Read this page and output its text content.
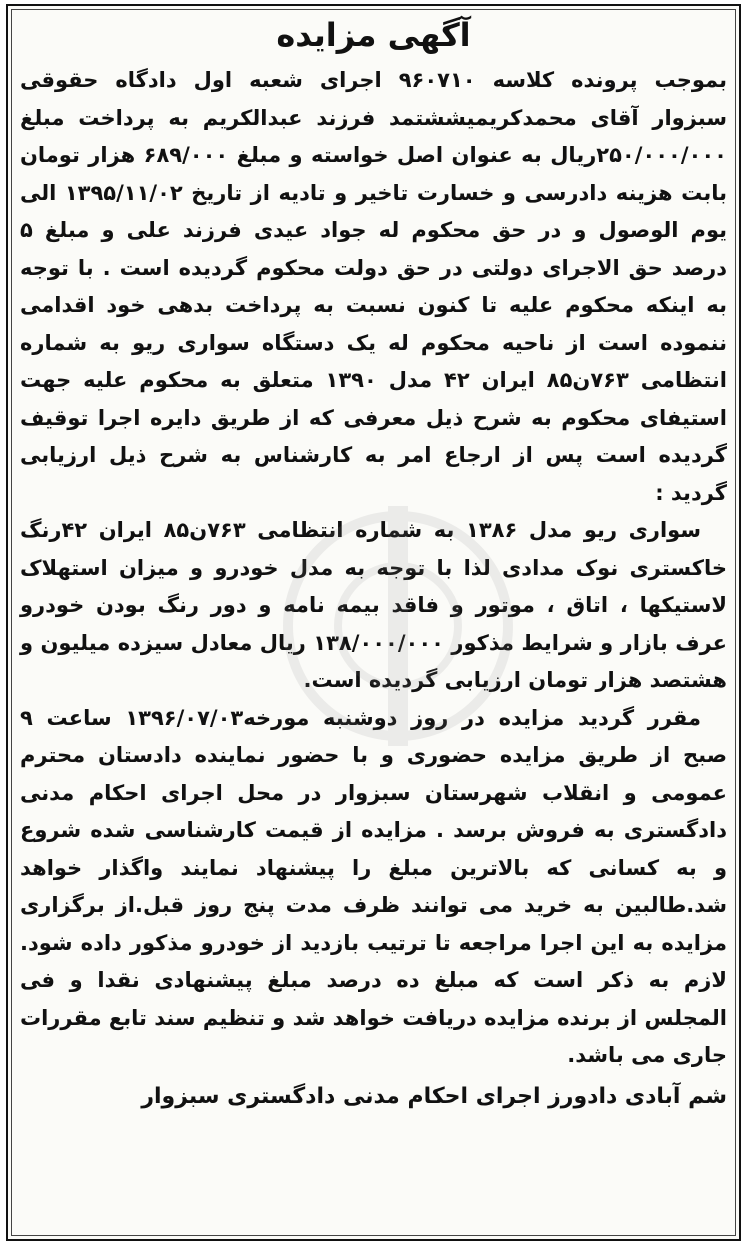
آگهی مزایده

بموجب پرونده کلاسه ۹۶۰۷۱۰ اجرای شعبه اول دادگاه حقوقی سبزوار آقای محمدکریمیششتمد فرزند عبدالکریم به پرداخت مبلغ ۲۵۰/۰۰۰/۰۰۰ریال به عنوان اصل خواسته و مبلغ ۶۸۹/۰۰۰ هزار تومان بابت هزینه دادرسی و خسارت تاخیر و تادیه از تاریخ ۱۳۹۵/۱۱/۰۲ الی یوم الوصول و در حق محکوم له جواد عیدی فرزند علی و مبلغ ۵ درصد حق الاجرای دولتی در حق دولت محکوم گردیده است . با توجه به اینکه محکوم علیه تا کنون نسبت به پرداخت بدهی خود اقدامی ننموده است از ناحیه محکوم له یک دستگاه سواری ریو به شماره انتظامی ۷۶۳ن۸۵ ایران ۴۲ مدل ۱۳۹۰ متعلق به محکوم علیه جهت استیفای محکوم به شرح ذیل معرفی که از طریق دایره اجرا توقیف گردیده است پس از ارجاع امر به کارشناس به شرح ذیل ارزیابی گردید :

سواری ریو مدل ۱۳۸۶ به شماره انتظامی ۷۶۳ن۸۵ ایران ۴۲رنگ خاکستری نوک مدادی لذا با توجه به مدل خودرو و میزان استهلاک لاستیکها ، اتاق ، موتور و فاقد بیمه نامه و دور رنگ بودن خودرو عرف بازار و شرایط مذکور ۱۳۸/۰۰۰/۰۰۰ ریال معادل سیزده میلیون و هشتصد هزار تومان ارزیابی گردیده است.

مقرر گردید مزایده در روز دوشنبه مورخه۱۳۹۶/۰۷/۰۳ ساعت ۹ صبح از طریق مزایده حضوری و با حضور نماینده دادستان محترم عمومی و انقلاب شهرستان سبزوار در محل اجرای احکام مدنی دادگستری به فروش برسد . مزایده از قیمت کارشناسی شده شروع و به کسانی که بالاترین مبلغ را پیشنهاد نمایند واگذار خواهد شد.طالبین به خرید می توانند ظرف مدت پنج روز قبل.از برگزاری مزایده به این اجرا مراجعه تا ترتیب بازدید از خودرو مذکور داده شود. لازم به ذکر است که مبلغ ده درصد مبلغ پیشنهادی نقدا و فی المجلس از برنده مزایده دریافت خواهد شد و تنظیم سند تابع مقررات جاری می باشد.

شم آبادی دادورز اجرای احکام مدنی دادگستری سبزوار
